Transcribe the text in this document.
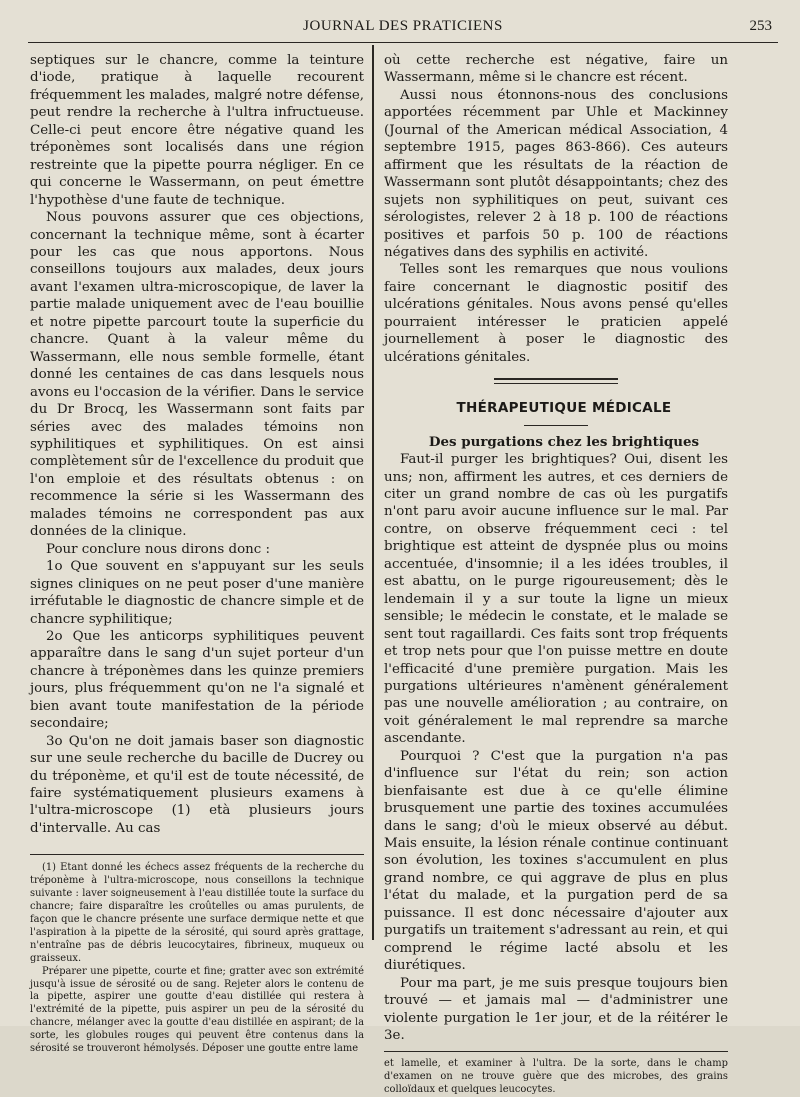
JOURNAL DES PRATICIENS	253

septiques sur le chancre, comme la teinture d'iode, pratique à laquelle recourent fréquemment les malades, malgré notre défense, peut rendre la recherche à l'ultra infructueuse. Celle-ci peut encore être négative quand les tréponèmes sont localisés dans une région restreinte que la pipette pourra négliger. En ce qui concerne le Wassermann, on peut émettre l'hypothèse d'une faute de technique.

Nous pouvons assurer que ces objections, concernant la technique même, sont à écarter pour les cas que nous apportons. Nous conseillons toujours aux malades, deux jours avant l'examen ultra-microscopique, de laver la partie malade uniquement avec de l'eau bouillie et notre pipette parcourt toute la superficie du chancre. Quant à la valeur même du Wassermann, elle nous semble formelle, étant donné les centaines de cas dans lesquels nous avons eu l'occasion de la vérifier. Dans le service du Dr Brocq, les Wassermann sont faits par séries avec des malades témoins non syphilitiques et syphilitiques. On est ainsi complètement sûr de l'excellence du produit que l'on emploie et des résultats obtenus : on recommence la série si les Wassermann des malades témoins ne correspondent pas aux données de la clinique.

Pour conclure nous dirons donc :

1o Que souvent en s'appuyant sur les seuls signes cliniques on ne peut poser d'une manière irréfutable le diagnostic de chancre simple et de chancre syphilitique;

2o Que les anticorps syphilitiques peuvent apparaître dans le sang d'un sujet porteur d'un chancre à tréponèmes dans les quinze premiers jours, plus fréquemment qu'on ne l'a signalé et bien avant toute manifestation de la période secondaire;

3o Qu'on ne doit jamais baser son diagnostic sur une seule recherche du bacille de Ducrey ou du tréponème, et qu'il est de toute nécessité, de faire systématiquement plusieurs examens à l'ultra-microscope (1) età plusieurs jours d'intervalle. Au cas

(1) Etant donné les échecs assez fréquents de la recherche du tréponème à l'ultra-microscope, nous conseillons la technique suivante : laver soigneusement à l'eau distillée toute la surface du chancre; faire disparaître les croûtelles ou amas purulents, de façon que le chancre présente une surface dermique nette et que l'aspiration à la pipette de la sérosité, qui sourd après grattage, n'entraîne pas de débris leucocytaires, fibrineux, muqueux ou graisseux.

Préparer une pipette, courte et fine; gratter avec son extrémité jusqu'à issue de sérosité ou de sang. Rejeter alors le contenu de la pipette, aspirer une goutte d'eau distillée qui restera à l'extrémité de la pipette, puis aspirer un peu de la sérosité du chancre, mélanger avec la goutte d'eau distillée en aspirant; de la sorte, les globules rouges qui peuvent être contenus dans la sérosité se trouveront hémolysés. Déposer une goutte entre lame

où cette recherche est négative, faire un Wassermann, même si le chancre est récent.

Aussi nous étonnons-nous des conclusions apportées récemment par Uhle et Mackinney (Journal of the American médical Association, 4 septembre 1915, pages 863-866). Ces auteurs affirment que les résultats de la réaction de Wassermann sont plutôt désappointants; chez des sujets non syphilitiques on peut, suivant ces sérologistes, relever 2 à 18 p. 100 de réactions positives et parfois 50 p. 100 de réactions négatives dans des syphilis en activité.

Telles sont les remarques que nous voulions faire concernant le diagnostic positif des ulcérations génitales. Nous avons pensé qu'elles pourraient intéresser le praticien appelé journellement à poser le diagnostic des ulcérations génitales.

THÉRAPEUTIQUE MÉDICALE

Des purgations chez les brightiques

Faut-il purger les brightiques? Oui, disent les uns; non, affirment les autres, et ces derniers de citer un grand nombre de cas où les purgatifs n'ont paru avoir aucune influence sur le mal. Par contre, on observe fréquemment ceci : tel brightique est atteint de dyspnée plus ou moins accentuée, d'insomnie; il a les idées troubles, il est abattu, on le purge rigoureusement; dès le lendemain il y a sur toute la ligne un mieux sensible; le médecin le constate, et le malade se sent tout ragaillardi. Ces faits sont trop fréquents et trop nets pour que l'on puisse mettre en doute l'efficacité d'une première purgation. Mais les purgations ultérieures n'amènent généralement pas une nouvelle amélioration ; au contraire, on voit généralement le mal reprendre sa marche ascendante.

Pourquoi ? C'est que la purgation n'a pas d'influence sur l'état du rein; son action bienfaisante est due à ce qu'elle élimine brusquement une partie des toxines accumulées dans le sang; d'où le mieux observé au début. Mais ensuite, la lésion rénale continue continuant son évolution, les toxines s'accumulent en plus grand nombre, ce qui aggrave de plus en plus l'état du malade, et la purgation perd de sa puissance. Il est donc nécessaire d'ajouter aux purgatifs un traitement s'adressant au rein, et qui comprend le régime lacté absolu et les diurétiques.

Pour ma part, je me suis presque toujours bien trouvé — et jamais mal — d'administrer une violente purgation le 1er jour, et de la réitérer le 3e.

et lamelle, et examiner à l'ultra. De la sorte, dans le champ d'examen on ne trouve guère que des microbes, des grains colloïdaux et quelques leucocytes.
